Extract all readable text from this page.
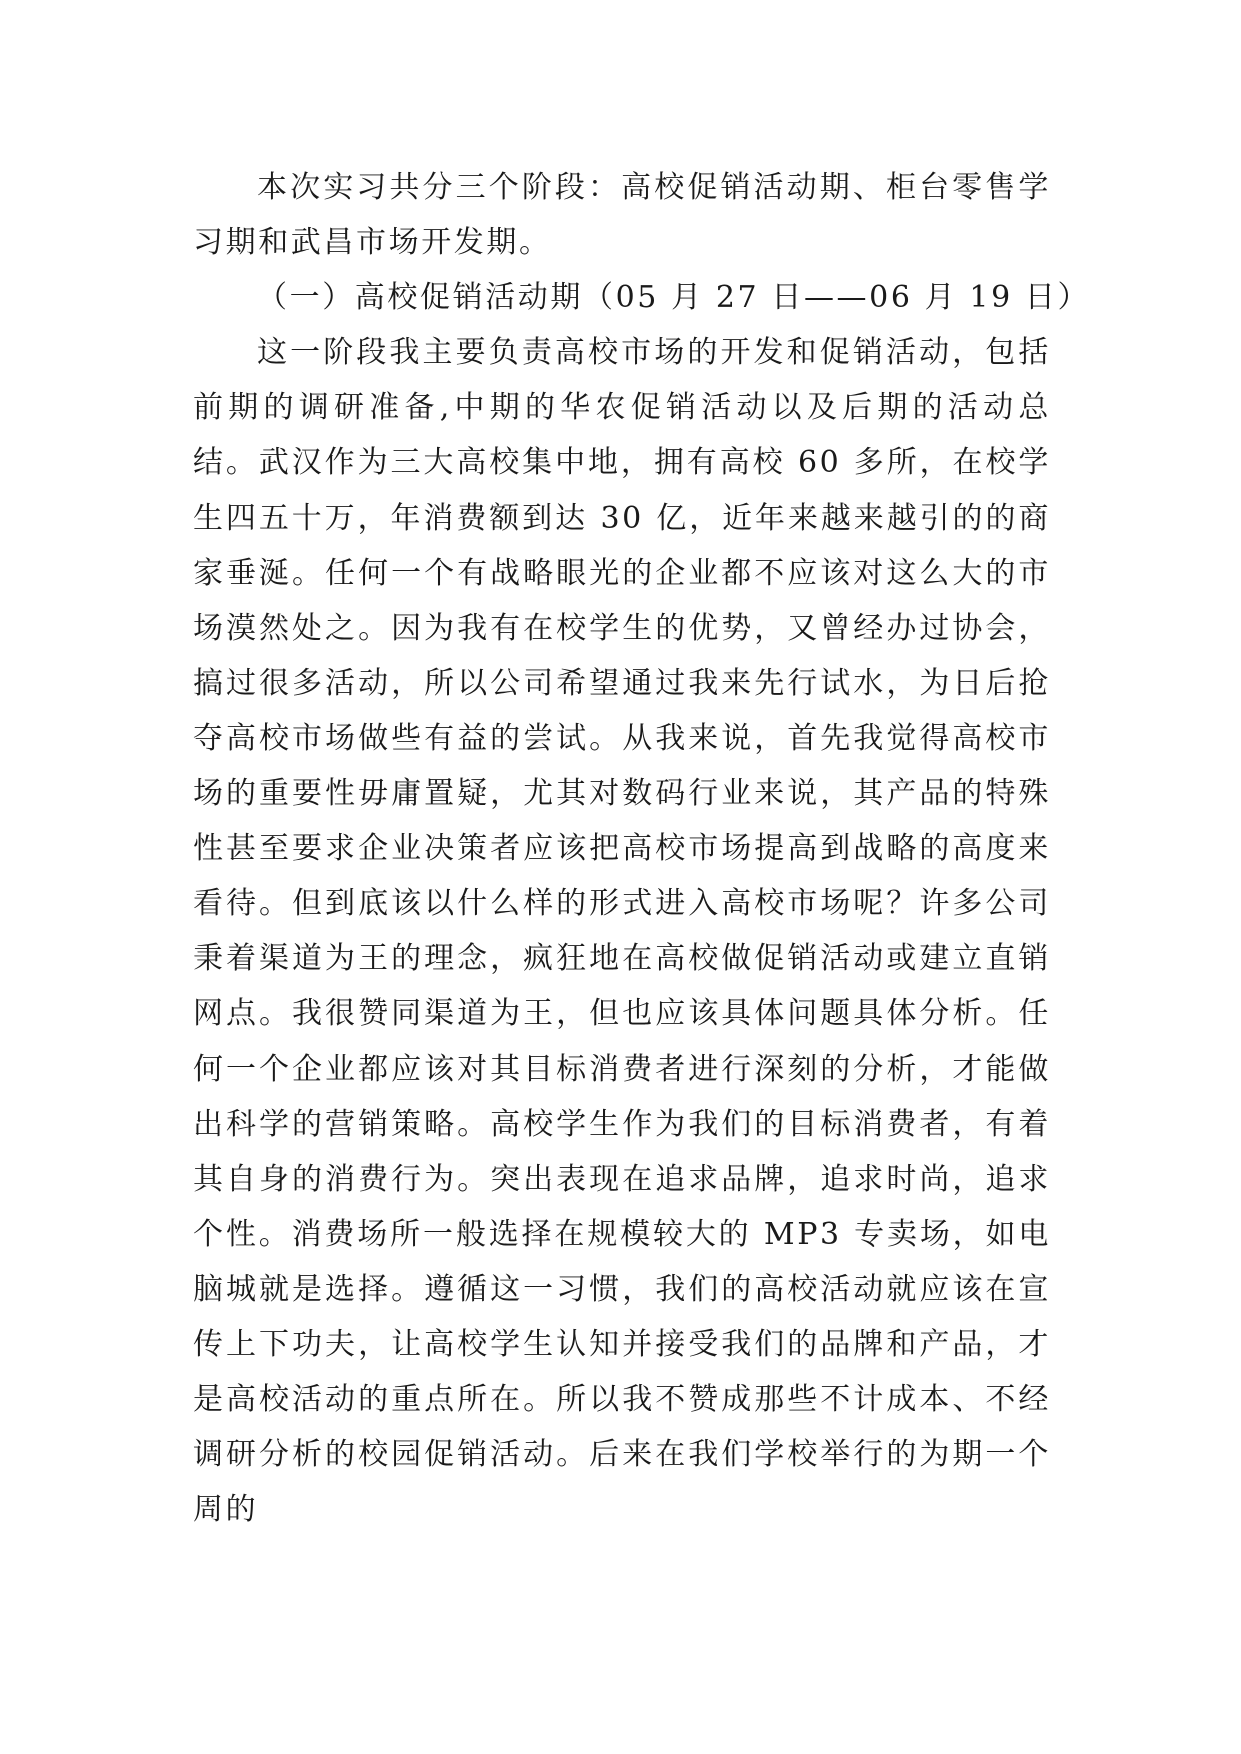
本次实习共分三个阶段：高校促销活动期、柜台零售学习期和武昌市场开发期。

（一）高校促销活动期（05 月 27 日——06 月 19 日）

这一阶段我主要负责高校市场的开发和促销活动，包括前期的调研准备,中期的华农促销活动以及后期的活动总结。武汉作为三大高校集中地，拥有高校 60 多所，在校学生四五十万，年消费额到达 30 亿，近年来越来越引的的商家垂涎。任何一个有战略眼光的企业都不应该对这么大的市场漠然处之。因为我有在校学生的优势，又曾经办过协会，搞过很多活动，所以公司希望通过我来先行试水，为日后抢夺高校市场做些有益的尝试。从我来说，首先我觉得高校市场的重要性毋庸置疑，尤其对数码行业来说，其产品的特殊性甚至要求企业决策者应该把高校市场提高到战略的高度来看待。但到底该以什么样的形式进入高校市场呢？许多公司秉着渠道为王的理念，疯狂地在高校做促销活动或建立直销网点。我很赞同渠道为王，但也应该具体问题具体分析。任何一个企业都应该对其目标消费者进行深刻的分析，才能做出科学的营销策略。高校学生作为我们的目标消费者，有着其自身的消费行为。突出表现在追求品牌，追求时尚，追求个性。消费场所一般选择在规模较大的 MP3 专卖场，如电脑城就是选择。遵循这一习惯，我们的高校活动就应该在宣传上下功夫，让高校学生认知并接受我们的品牌和产品，才是高校活动的重点所在。所以我不赞成那些不计成本、不经调研分析的校园促销活动。后来在我们学校举行的为期一个周的
